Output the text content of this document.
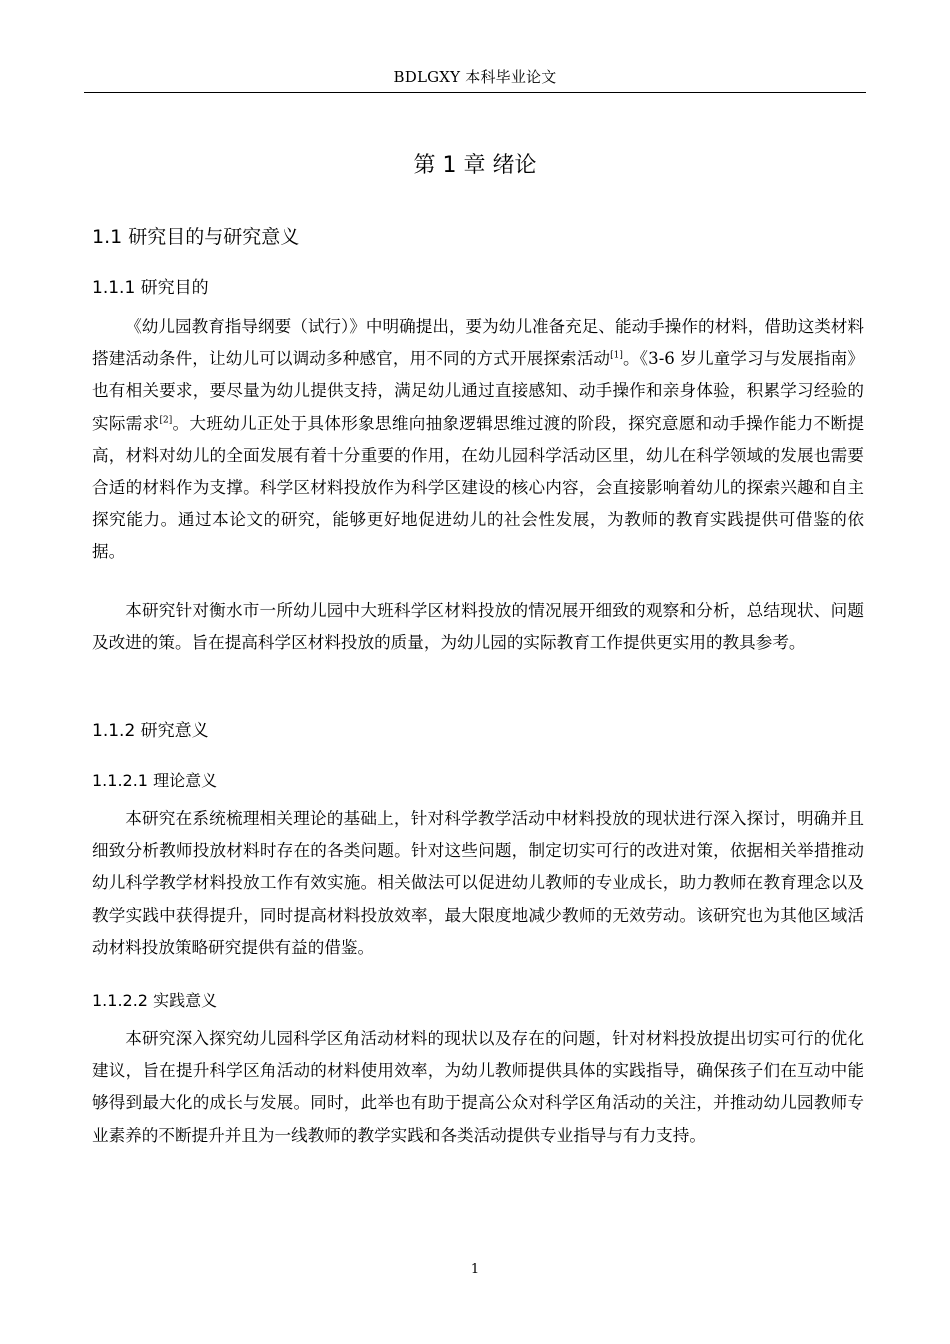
BDLGXY 本科毕业论文
第 1 章 绪论
1.1 研究目的与研究意义
1.1.1 研究目的

《幼儿园教育指导纲要（试行）》中明确提出，要为幼儿准备充足、能动手操作的材料，借助这类材料搭建活动条件，让幼儿可以调动多种感官，用不同的方式开展探索活动[1]。《3-6 岁儿童学习与发展指南》也有相关要求，要尽量为幼儿提供支持，满足幼儿通过直接感知、动手操作和亲身体验，积累学习经验的实际需求[2]。大班幼儿正处于具体形象思维向抽象逻辑思维过渡的阶段，探究意愿和动手操作能力不断提高，材料对幼儿的全面发展有着十分重要的作用，在幼儿园科学活动区里，幼儿在科学领域的发展也需要合适的材料作为支撑。科学区材料投放作为科学区建设的核心内容，会直接影响着幼儿的探索兴趣和自主探究能力。通过本论文的研究，能够更好地促进幼儿的社会性发展，为教师的教育实践提供可借鉴的依据。

本研究针对衡水市一所幼儿园中大班科学区材料投放的情况展开细致的观察和分析，总结现状、问题及改进的策。旨在提高科学区材料投放的质量，为幼儿园的实际教育工作提供更实用的教具参考。

1.1.2 研究意义
1.1.2.1 理论意义

本研究在系统梳理相关理论的基础上，针对科学教学活动中材料投放的现状进行深入探讨，明确并且细致分析教师投放材料时存在的各类问题。针对这些问题，制定切实可行的改进对策，依据相关举措推动幼儿科学教学材料投放工作有效实施。相关做法可以促进幼儿教师的专业成长，助力教师在教育理念以及教学实践中获得提升，同时提高材料投放效率，最大限度地减少教师的无效劳动。该研究也为其他区域活动材料投放策略研究提供有益的借鉴。

1.1.2.2 实践意义

本研究深入探究幼儿园科学区角活动材料的现状以及存在的问题，针对材料投放提出切实可行的优化建议，旨在提升科学区角活动的材料使用效率，为幼儿教师提供具体的实践指导，确保孩子们在互动中能够得到最大化的成长与发展。同时，此举也有助于提高公众对科学区角活动的关注，并推动幼儿园教师专业素养的不断提升并且为一线教师的教学实践和各类活动提供专业指导与有力支持。

1
